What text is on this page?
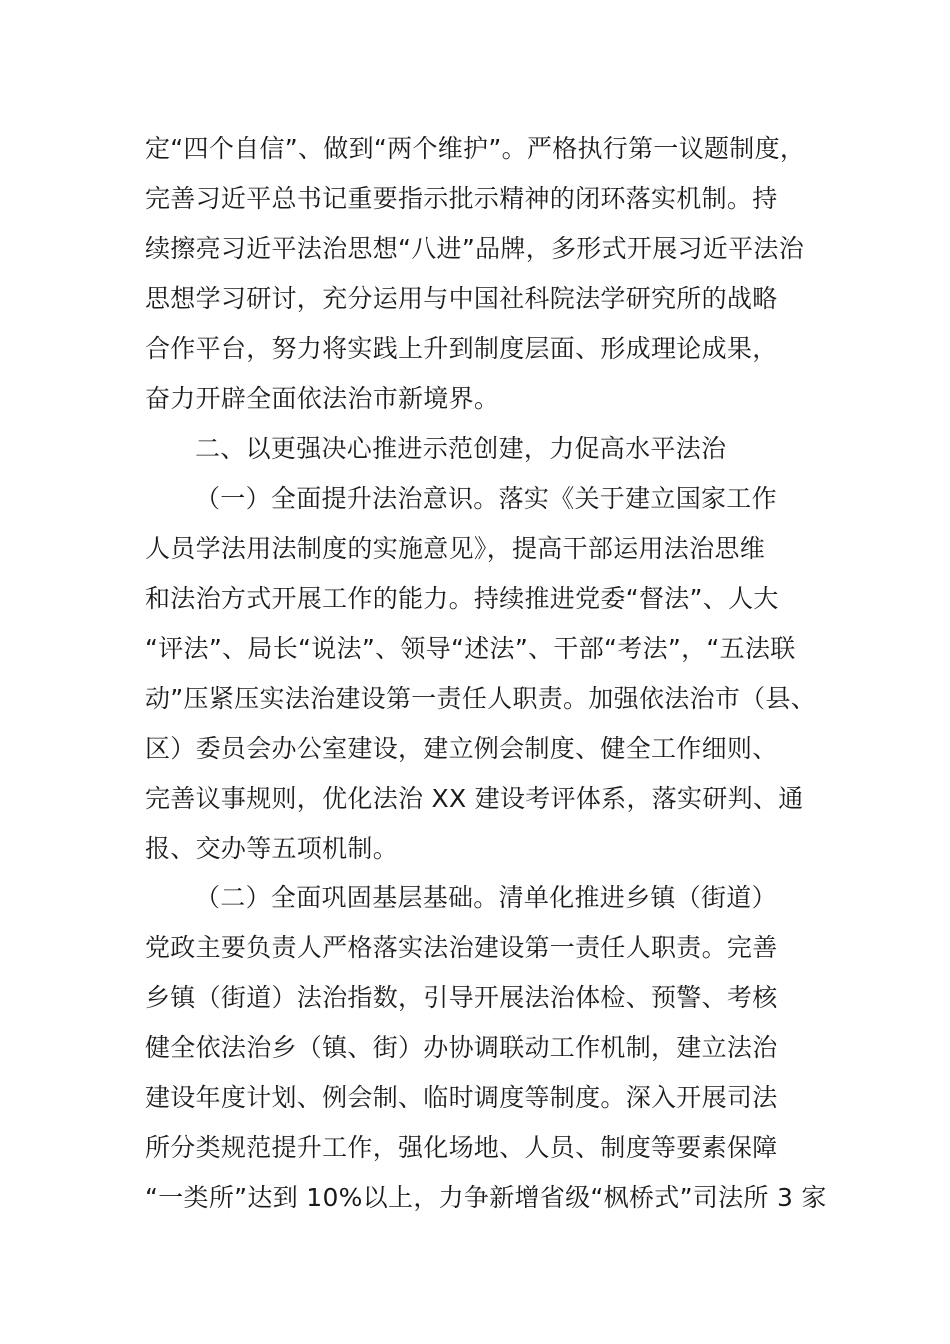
定“四个自信”、做到“两个维护”。严格执行第一议题制度，
完善习近平总书记重要指示批示精神的闭环落实机制。持
续擦亮习近平法治思想“八进”品牌，多形式开展习近平法治
思想学习研讨，充分运用与中国社科院法学研究所的战略
合作平台，努力将实践上升到制度层面、形成理论成果，
奋力开辟全面依法治市新境界。
二、以更强决心推进示范创建，力促高水平法治
（一）全面提升法治意识。落实《关于建立国家工作
人员学法用法制度的实施意见》，提高干部运用法治思维
和法治方式开展工作的能力。持续推进党委“督法”、人大
“评法”、局长“说法”、领导“述法”、干部“考法”，“五法联
动”压紧压实法治建设第一责任人职责。加强依法治市（县、
区）委员会办公室建设，建立例会制度、健全工作细则、
完善议事规则，优化法治 XX 建设考评体系，落实研判、通
报、交办等五项机制。
（二）全面巩固基层基础。清单化推进乡镇（街道）
党政主要负责人严格落实法治建设第一责任人职责。完善
乡镇（街道）法治指数，引导开展法治体检、预警、考核
健全依法治乡（镇、街）办协调联动工作机制，建立法治
建设年度计划、例会制、临时调度等制度。深入开展司法
所分类规范提升工作，强化场地、人员、制度等要素保障
“一类所”达到 10%以上，力争新增省级“枫桥式”司法所 3 家
